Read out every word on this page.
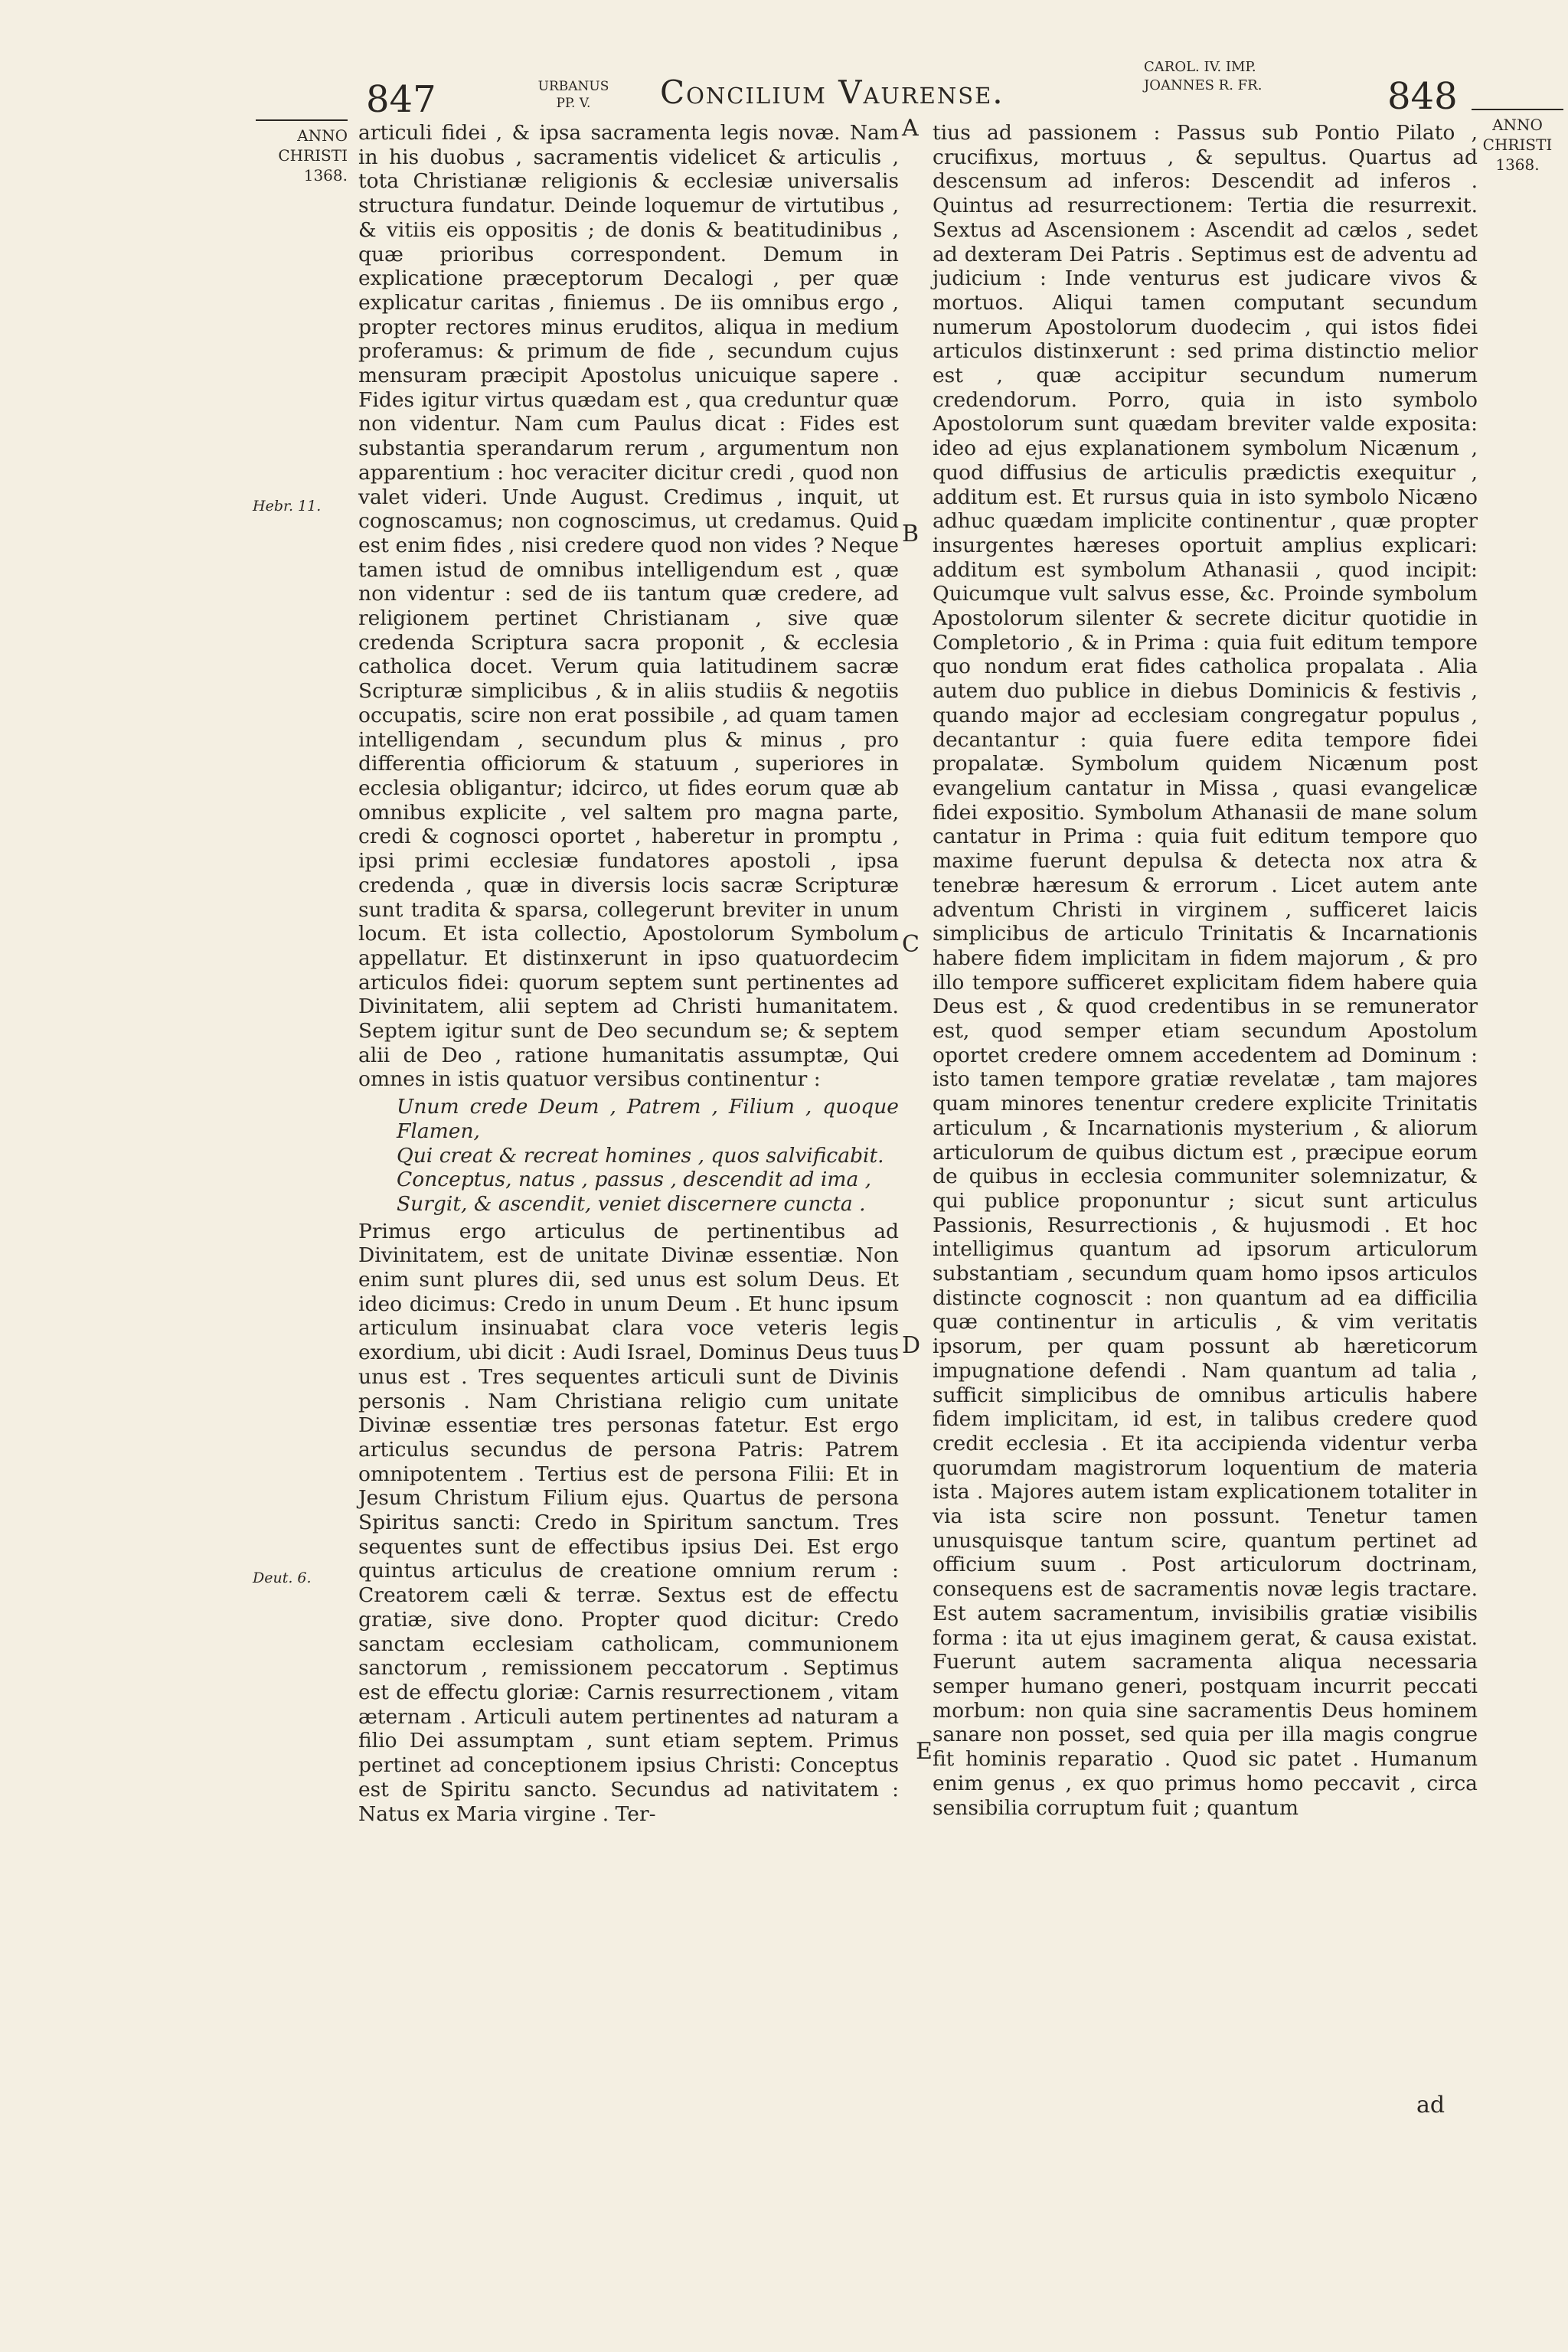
847	URBANUS
PP. V.	Concilium Vaurense.
CAROL. IV. IMP.
JOANNES R. FR.	848
ANNO
CHRISTI
1368.
ANNO
CHRISTI
1368.
Hebr. 11.
Deut. 6.
A
B
C
D
E

articuli fidei , & ipsa sacramenta legis novæ. Nam in his duobus , sacramentis videlicet & articulis , tota Christianæ religionis & ecclesiæ universalis structura fundatur. Deinde loquemur de virtutibus , & vitiis eis oppositis ; de donis & beatitudinibus , quæ prioribus correspondent. Demum in explicatione præceptorum Decalogi , per quæ explicatur caritas , finiemus . De iis omnibus ergo , propter rectores minus eruditos, aliqua in medium proferamus: & primum de fide , secundum cujus mensuram præcipit Apostolus unicuique sapere . Fides igitur virtus quædam est , qua creduntur quæ non videntur. Nam cum Paulus dicat : Fides est substantia sperandarum rerum , argumentum non apparentium : hoc veraciter dicitur credi , quod non valet videri. Unde August. Credimus , inquit, ut cognoscamus; non cognoscimus, ut credamus. Quid est enim fides , nisi credere quod non vides ? Neque tamen istud de omnibus intelligendum est , quæ non videntur : sed de iis tantum quæ credere, ad religionem pertinet Christianam , sive quæ credenda Scriptura sacra proponit , & ecclesia catholica docet. Verum quia latitudinem sacræ Scripturæ simplicibus , & in aliis studiis & negotiis occupatis, scire non erat possibile , ad quam tamen intelligendam , secundum plus & minus , pro differentia officiorum & statuum , superiores in ecclesia obligantur; idcirco, ut fides eorum quæ ab omnibus explicite , vel saltem pro magna parte, credi & cognosci oportet , haberetur in promptu , ipsi primi ecclesiæ fundatores apostoli , ipsa credenda , quæ in diversis locis sacræ Scripturæ sunt tradita & sparsa, collegerunt breviter in unum locum. Et ista collectio, Apostolorum Symbolum appellatur. Et distinxerunt in ipso quatuordecim articulos fidei: quorum septem sunt pertinentes ad Divinitatem, alii septem ad Christi humanitatem. Septem igitur sunt de Deo secundum se; & septem alii de Deo , ratione humanitatis assumptæ, Qui omnes in istis quatuor versibus continentur :

Unum crede Deum , Patrem , Filium , quoque Flamen,
Qui creat & recreat homines , quos salvificabit.
Conceptus, natus , passus , descendit ad ima ,
Surgit, & ascendit, veniet discernere cuncta .

Primus ergo articulus de pertinentibus ad Divinitatem, est de unitate Divinæ essentiæ. Non enim sunt plures dii, sed unus est solum Deus. Et ideo dicimus: Credo in unum Deum . Et hunc ipsum articulum insinuabat clara voce veteris legis exordium, ubi dicit : Audi Israel, Dominus Deus tuus unus est . Tres sequentes articuli sunt de Divinis personis . Nam Christiana religio cum unitate Divinæ essentiæ tres personas fatetur. Est ergo articulus secundus de persona Patris: Patrem omnipotentem . Tertius est de persona Filii: Et in Jesum Christum Filium ejus. Quartus de persona Spiritus sancti: Credo in Spiritum sanctum. Tres sequentes sunt de effectibus ipsius Dei. Est ergo quintus articulus de creatione omnium rerum : Creatorem cæli & terræ. Sextus est de effectu gratiæ, sive dono. Propter quod dicitur: Credo sanctam ecclesiam catholicam, communionem sanctorum , remissionem peccatorum . Septimus est de effectu gloriæ: Carnis resurrectionem , vitam æternam . Articuli autem pertinentes ad naturam a filio Dei assumptam , sunt etiam septem. Primus pertinet ad conceptionem ipsius Christi: Conceptus est de Spiritu sancto. Secundus ad nativitatem : Natus ex Maria virgine . Ter-

tius ad passionem : Passus sub Pontio Pilato , crucifixus, mortuus , & sepultus. Quartus ad descensum ad inferos: Descendit ad inferos . Quintus ad resurrectionem: Tertia die resurrexit. Sextus ad Ascensionem : Ascendit ad cælos , sedet ad dexteram Dei Patris . Septimus est de adventu ad judicium : Inde venturus est judicare vivos & mortuos. Aliqui tamen computant secundum numerum Apostolorum duodecim , qui istos fidei articulos distinxerunt : sed prima distinctio melior est , quæ accipitur secundum numerum credendorum. Porro, quia in isto symbolo Apostolorum sunt quædam breviter valde exposita: ideo ad ejus explanationem symbolum Nicænum , quod diffusius de articulis prædictis exequitur , additum est. Et rursus quia in isto symbolo Nicæno adhuc quædam implicite continentur , quæ propter insurgentes hæreses oportuit amplius explicari: additum est symbolum Athanasii , quod incipit: Quicumque vult salvus esse, &c. Proinde symbolum Apostolorum silenter & secrete dicitur quotidie in Completorio , & in Prima : quia fuit editum tempore quo nondum erat fides catholica propalata . Alia autem duo publice in diebus Dominicis & festivis , quando major ad ecclesiam congregatur populus , decantantur : quia fuere edita tempore fidei propalatæ. Symbolum quidem Nicænum post evangelium cantatur in Missa , quasi evangelicæ fidei expositio. Symbolum Athanasii de mane solum cantatur in Prima : quia fuit editum tempore quo maxime fuerunt depulsa & detecta nox atra & tenebræ hæresum & errorum . Licet autem ante adventum Christi in virginem , sufficeret laicis simplicibus de articulo Trinitatis & Incarnationis habere fidem implicitam in fidem majorum , & pro illo tempore sufficeret explicitam fidem habere quia Deus est , & quod credentibus in se remunerator est, quod semper etiam secundum Apostolum oportet credere omnem accedentem ad Dominum : isto tamen tempore gratiæ revelatæ , tam majores quam minores tenentur credere explicite Trinitatis articulum , & Incarnationis mysterium , & aliorum articulorum de quibus dictum est , præcipue eorum de quibus in ecclesia communiter solemnizatur, & qui publice proponuntur ; sicut sunt articulus Passionis, Resurrectionis , & hujusmodi . Et hoc intelligimus quantum ad ipsorum articulorum substantiam , secundum quam homo ipsos articulos distincte cognoscit : non quantum ad ea difficilia quæ continentur in articulis , & vim veritatis ipsorum, per quam possunt ab hæreticorum impugnatione defendi . Nam quantum ad talia , sufficit simplicibus de omnibus articulis habere fidem implicitam, id est, in talibus credere quod credit ecclesia . Et ita accipienda videntur verba quorumdam magistrorum loquentium de materia ista . Majores autem istam explicationem totaliter in via ista scire non possunt. Tenetur tamen unusquisque tantum scire, quantum pertinet ad officium suum . Post articulorum doctrinam, consequens est de sacramentis novæ legis tractare. Est autem sacramentum, invisibilis gratiæ visibilis forma : ita ut ejus imaginem gerat, & causa existat. Fuerunt autem sacramenta aliqua necessaria semper humano generi, postquam incurrit peccati morbum: non quia sine sacramentis Deus hominem sanare non posset, sed quia per illa magis congrue fit hominis reparatio . Quod sic patet . Humanum enim genus , ex quo primus homo peccavit , circa sensibilia corruptum fuit ; quantum

ad
